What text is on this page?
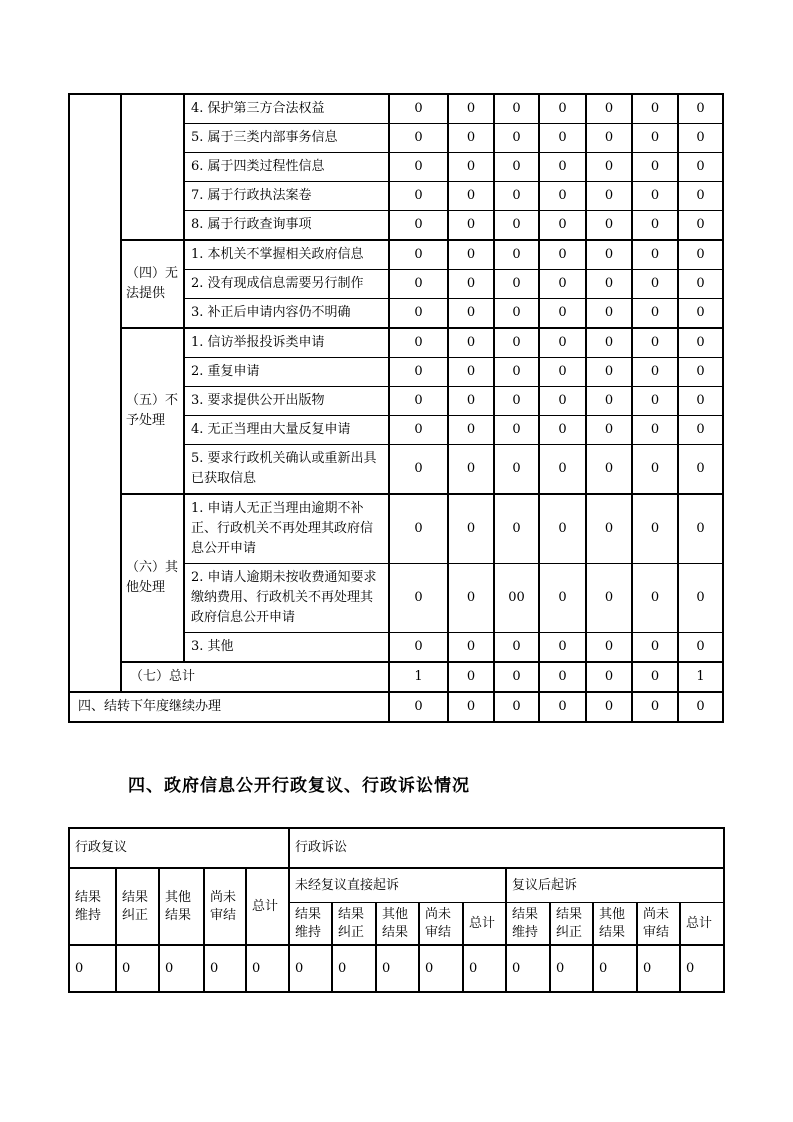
		4. 保护第三方合法权益	0	0	0	0	0	0	0
		5. 属于三类内部事务信息	0	0	0	0	0	0	0
		6. 属于四类过程性信息	0	0	0	0	0	0	0
		7. 属于行政执法案卷	0	0	0	0	0	0	0
		8. 属于行政查询事项	0	0	0	0	0	0	0
	（四）无法提供	1. 本机关不掌握相关政府信息	0	0	0	0	0	0	0
		2. 没有现成信息需要另行制作	0	0	0	0	0	0	0
		3. 补正后申请内容仍不明确	0	0	0	0	0	0	0
	（五）不予处理	1. 信访举报投诉类申请	0	0	0	0	0	0	0
		2. 重复申请	0	0	0	0	0	0	0
		3. 要求提供公开出版物	0	0	0	0	0	0	0
		4. 无正当理由大量反复申请	0	0	0	0	0	0	0
		5. 要求行政机关确认或重新出具已获取信息	0	0	0	0	0	0	0
	（六）其他处理	1. 申请人无正当理由逾期不补正、行政机关不再处理其政府信息公开申请	0	0	0	0	0	0	0
		2. 申请人逾期未按收费通知要求缴纳费用、行政机关不再处理其政府信息公开申请	0	0	00	0	0	0	0
		3. 其他	0	0	0	0	0	0	0
	（七）总计		1	0	0	0	0	0	1
四、结转下年度继续办理			0	0	0	0	0	0	0
四、政府信息公开行政复议、行政诉讼情况
行政复议					行政诉讼									
结果维持	结果纠正	其他结果	尚未审结	总计	未经复议直接起诉					复议后起诉				
					结果维持	结果纠正	其他结果	尚未审结	总计	结果维持	结果纠正	其他结果	尚未审结	总计
0	0	0	0	0	0	0	0	0	0	0	0	0	0	0
